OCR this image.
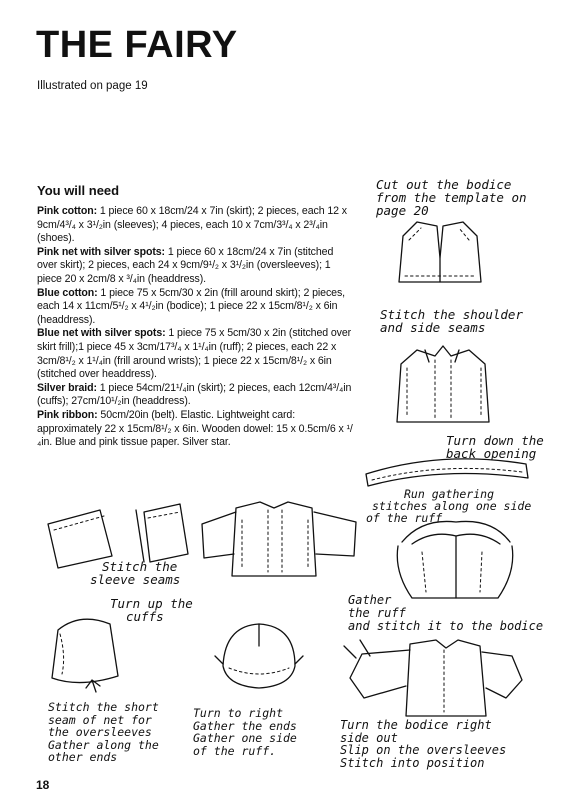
THE FAIRY
Illustrated on page 19
You will need

Pink cotton: 1 piece 60 x 18cm/24 x 7in (skirt); 2 pieces, each 12 x 9cm/4³/₄ x 3¹/₂in (sleeves); 4 pieces, each 10 x 7cm/3³/₄ x 2³/₄in (shoes).

Pink net with silver spots: 1 piece 60 x 18cm/24 x 7in (stitched over skirt); 2 pieces, each 24 x 9cm/9¹/₂ x 3¹/₂in (oversleeves); 1 piece 20 x 2cm/8 x ³/₄in (headdress).

Blue cotton: 1 piece 75 x 5cm/30 x 2in (frill around skirt); 2 pieces, each 14 x 11cm/5¹/₂ x 4¹/₂in (bodice); 1 piece 22 x 15cm/8¹/₂ x 6in (headdress).

Blue net with silver spots: 1 piece 75 x 5cm/30 x 2in (stitched over skirt frill);1 piece 45 x 3cm/17³/₄ x 1¹/₄in (ruff); 2 pieces, each 22 x 3cm/8¹/₂ x 1¹/₄in (frill around wrists); 1 piece 22 x 15cm/8¹/₂ x 6in (stitched over headdress).

Silver braid: 1 piece 54cm/21¹/₄in (skirt); 2 pieces, each 12cm/4³/₄in (cuffs); 27cm/10¹/₂in (headdress).

Pink ribbon: 50cm/20in (belt). Elastic. Lightweight card: approximately 22 x 15cm/8¹/₂ x 6in. Wooden dowel: 15 x 0.5cm/6 x ¹/₄in. Blue and pink tissue paper. Silver star.

Cut out the bodice
from the template on
page 20
Stitch the shoulder
and side seams
Turn down the
back opening
Run gathering
stitches along one side
of the ruff
Stitch the
sleeve seams
Turn up the
cuffs
Gather
the ruff
and stitch it to the bodice
Stitch the short
seam of net for
the oversleeves
Gather along the
other ends
Turn to right
Gather the ends
Gather one side
of the ruff.
Turn the bodice right
side out
Slip on the oversleeves
Stitch into position
18
